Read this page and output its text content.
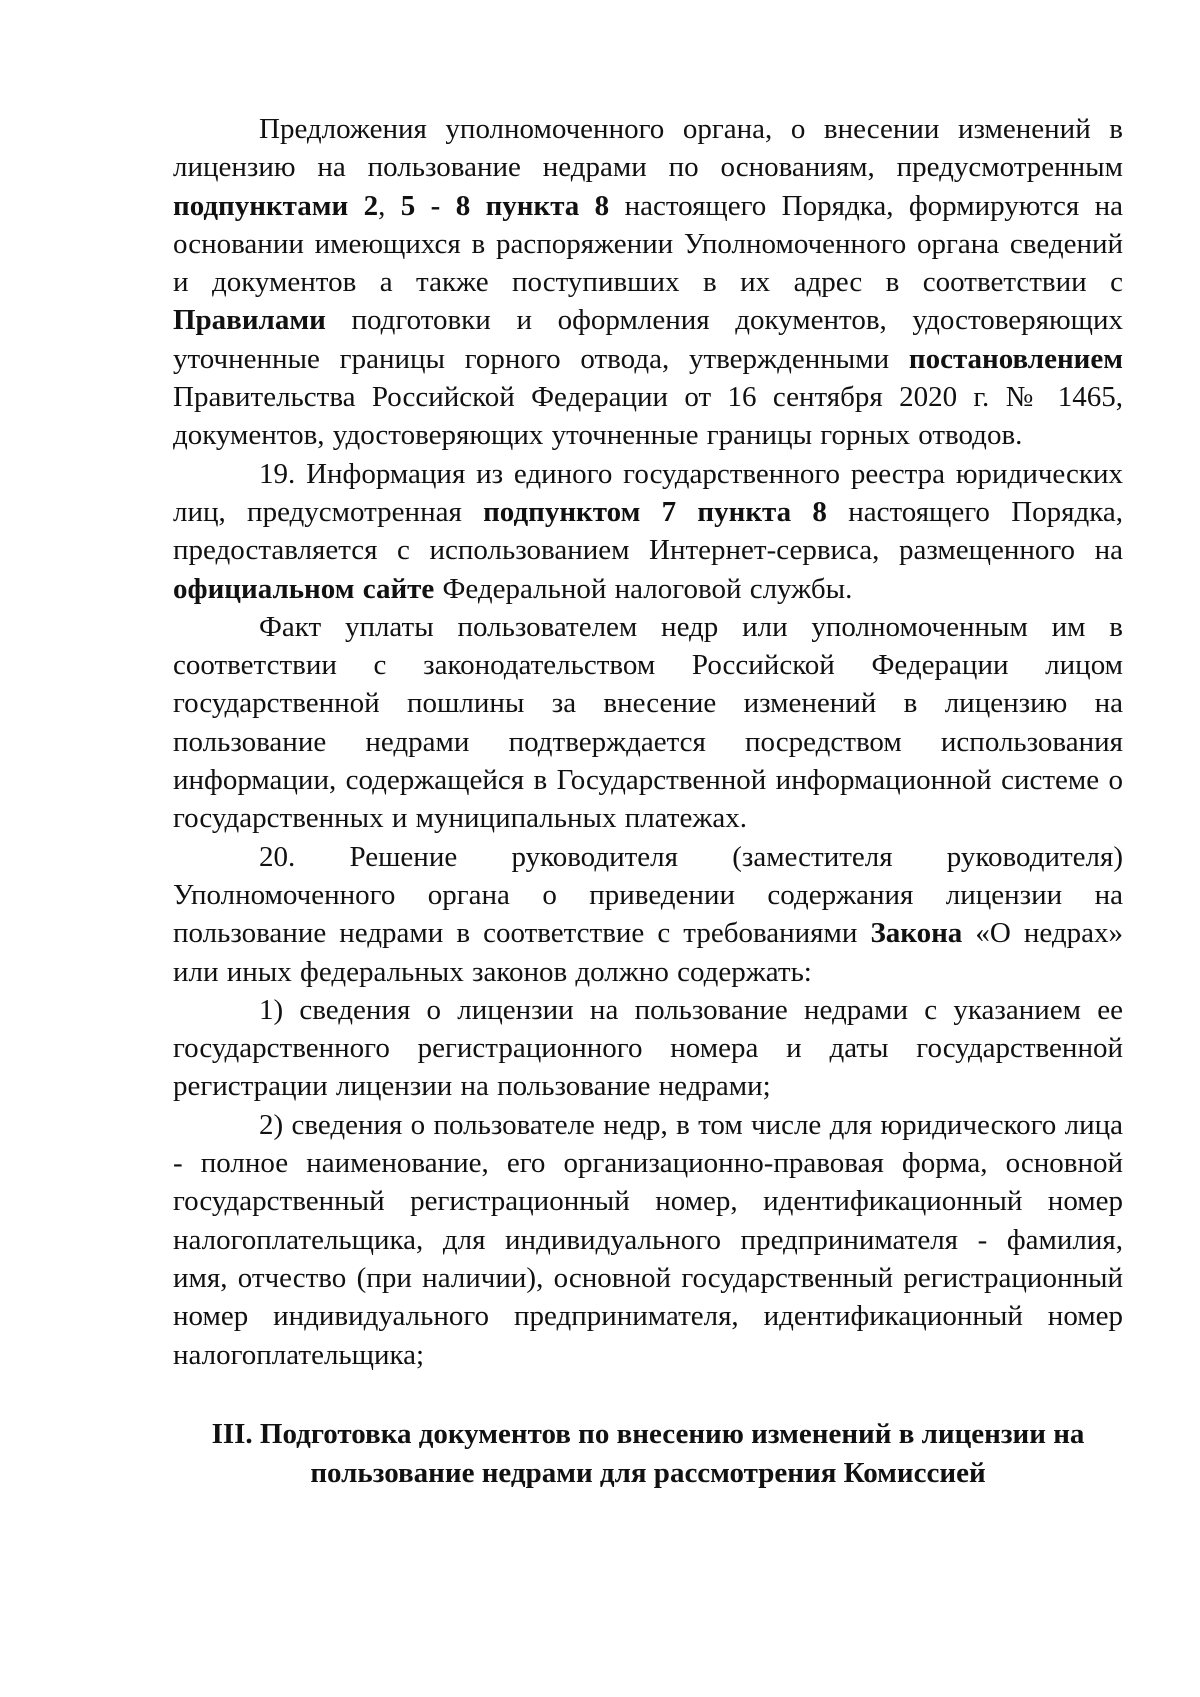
Предложения уполномоченного органа, о внесении изменений в лицензию на пользование недрами по основаниям, предусмотренным подпунктами 2, 5 - 8 пункта 8 настоящего Порядка, формируются на основании имеющихся в распоряжении Уполномоченного органа сведений и документов а также поступивших в их адрес в соответствии с Правилами подготовки и оформления документов, удостоверяющих уточненные границы горного отвода, утвержденными постановлением Правительства Российской Федерации от 16 сентября 2020 г. № 1465, документов, удостоверяющих уточненные границы горных отводов.

19. Информация из единого государственного реестра юридических лиц, предусмотренная подпунктом 7 пункта 8 настоящего Порядка, предоставляется с использованием Интернет-сервиса, размещенного на официальном сайте Федеральной налоговой службы.

Факт уплаты пользователем недр или уполномоченным им в соответствии с законодательством Российской Федерации лицом государственной пошлины за внесение изменений в лицензию на пользование недрами подтверждается посредством использования информации, содержащейся в Государственной информационной системе о государственных и муниципальных платежах.

20. Решение руководителя (заместителя руководителя) Уполномоченного органа о приведении содержания лицензии на пользование недрами в соответствие с требованиями Закона «О недрах» или иных федеральных законов должно содержать:

1) сведения о лицензии на пользование недрами с указанием ее государственного регистрационного номера и даты государственной регистрации лицензии на пользование недрами;

2) сведения о пользователе недр, в том числе для юридического лица - полное наименование, его организационно-правовая форма, основной государственный регистрационный номер, идентификационный номер налогоплательщика, для индивидуального предпринимателя - фамилия, имя, отчество (при наличии), основной государственный регистрационный номер индивидуального предпринимателя, идентификационный номер налогоплательщика;

III. Подготовка документов по внесению изменений в лицензии на пользование недрами для рассмотрения Комиссией
